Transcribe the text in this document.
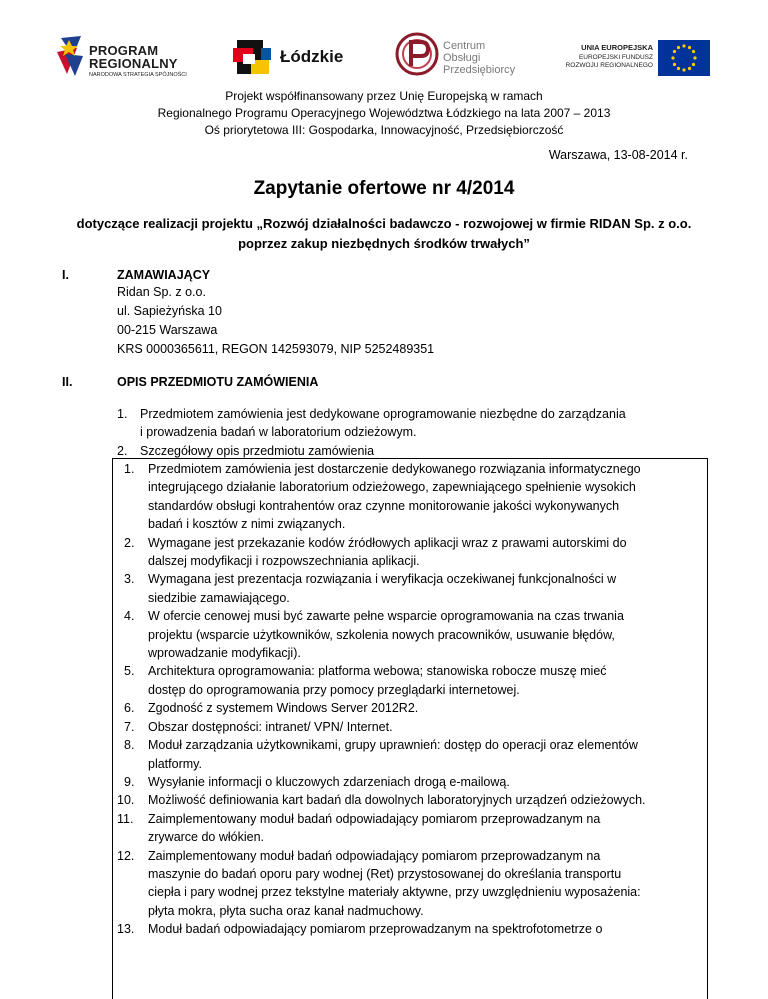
PROGRAM
REGIONALNY
NARODOWA STRATEGIA SPÓJNOŚCI
Łódzkie
Centrum
Obsługi
Przedsiębiorcy
UNIA EUROPEJSKA
EUROPEJSKI FUNDUSZ
ROZWOJU REGIONALNEGO
Projekt współfinansowany przez Unię Europejską w ramach
Regionalnego Programu Operacyjnego Województwa Łódzkiego na lata 2007 – 2013
Oś priorytetowa III: Gospodarka, Innowacyjność, Przedsiębiorczość
Warszawa, 13-08-2014 r.
Zapytanie ofertowe nr 4/2014
dotyczące realizacji projektu „Rozwój działalności badawczo - rozwojowej w firmie RIDAN Sp. z o.o.
poprzez zakup niezbędnych środków trwałych”
I.	ZAMAWIAJĄCY
Ridan Sp. z o.o.
ul. Sapieżyńska 10
00-215 Warszawa
KRS 0000365611, REGON 142593079, NIP 5252489351
II.	OPIS PRZEDMIOTU ZAMÓWIENIA
1.	Przedmiotem zamówienia jest dedykowane oprogramowanie niezbędne do zarządzania
i prowadzenia badań w laboratorium odzieżowym.
2.	Szczegółowy opis przedmiotu zamówienia
1.	Przedmiotem zamówienia jest dostarczenie dedykowanego rozwiązania informatycznego
integrującego działanie laboratorium odzieżowego, zapewniającego spełnienie wysokich
standardów obsługi kontrahentów oraz czynne monitorowanie jakości wykonywanych
badań i kosztów z nimi związanych.
2.	Wymagane jest przekazanie kodów źródłowych aplikacji wraz z prawami autorskimi do
dalszej modyfikacji i rozpowszechniania aplikacji.
3.	Wymagana jest prezentacja rozwiązania i weryfikacja oczekiwanej funkcjonalności w
siedzibie zamawiającego.
4.	W ofercie cenowej musi być zawarte pełne wsparcie oprogramowania na czas trwania
projektu (wsparcie użytkowników, szkolenia nowych pracowników, usuwanie błędów,
wprowadzanie modyfikacji).
5.	Architektura oprogramowania: platforma webowa; stanowiska robocze muszę mieć
dostęp do oprogramowania przy pomocy przeglądarki internetowej.
6.	Zgodność z systemem Windows Server 2012R2.
7.	Obszar dostępności: intranet/ VPN/ Internet.
8.	Moduł zarządzania użytkownikami, grupy uprawnień: dostęp do operacji oraz elementów
platformy.
9.	Wysyłanie informacji o kluczowych zdarzeniach drogą e-mailową.
10.	Możliwość definiowania kart badań dla dowolnych laboratoryjnych urządzeń odzieżowych.
11.	Zaimplementowany moduł badań odpowiadający pomiarom przeprowadzanym na
zrywarce do włókien.
12.	Zaimplementowany moduł badań odpowiadający pomiarom przeprowadzanym na
maszynie do badań oporu pary wodnej (Ret) przystosowanej do określania transportu
ciepła i pary wodnej przez tekstylne materiały aktywne, przy uwzględnieniu wyposażenia:
płyta mokra, płyta sucha oraz kanał nadmuchowy.
13.	Moduł badań odpowiadający pomiarom przeprowadzanym na spektrofotometrze o
